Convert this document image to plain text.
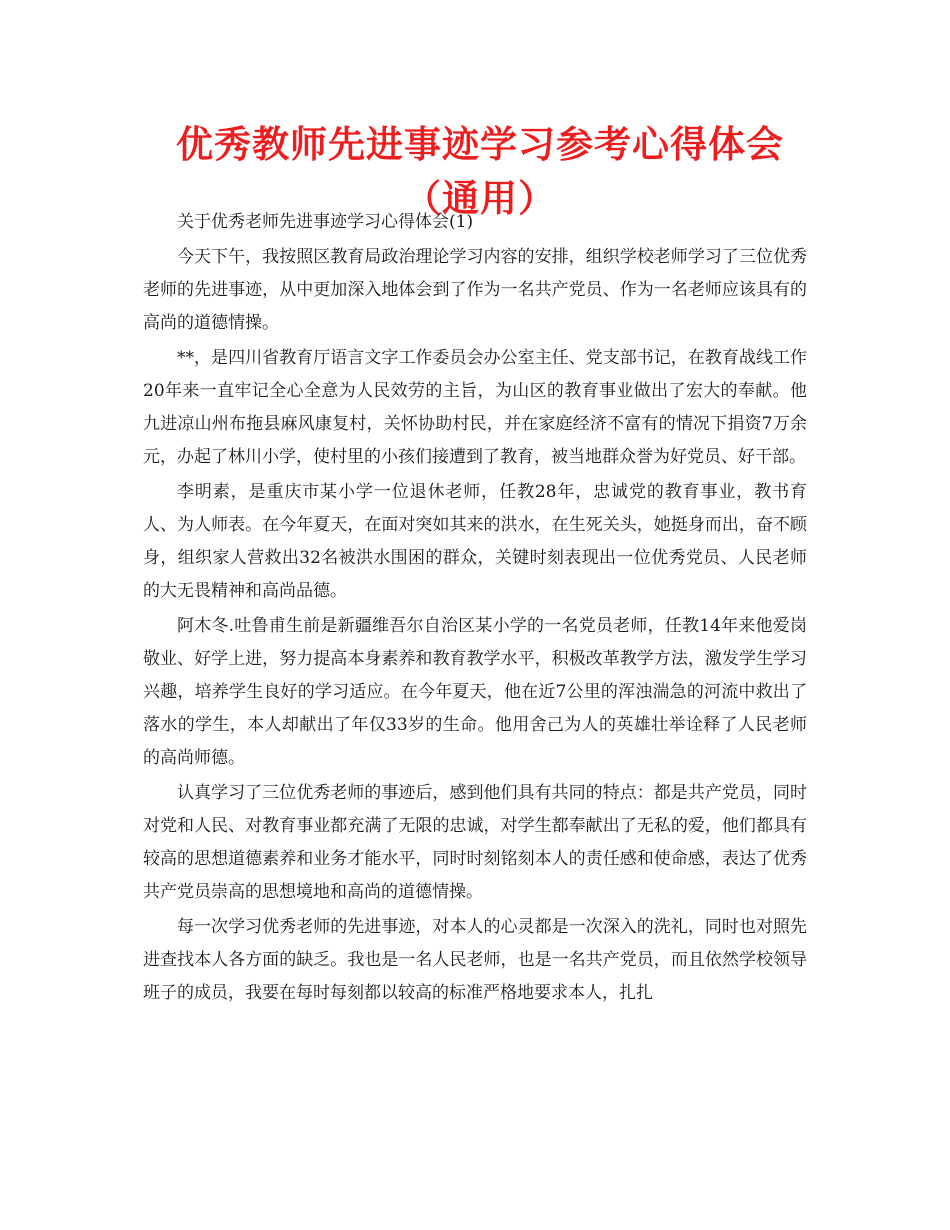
优秀教师先进事迹学习参考心得体会（通用）

关于优秀老师先进事迹学习心得体会(1)

今天下午，我按照区教育局政治理论学习内容的安排，组织学校老师学习了三位优秀老师的先进事迹，从中更加深入地体会到了作为一名共产党员、作为一名老师应该具有的高尚的道德情操。

**，是四川省教育厅语言文字工作委员会办公室主任、党支部书记，在教育战线工作20年来一直牢记全心全意为人民效劳的主旨，为山区的教育事业做出了宏大的奉献。他九进凉山州布拖县麻风康复村，关怀协助村民，并在家庭经济不富有的情况下捐资7万余元，办起了林川小学，使村里的小孩们接遭到了教育，被当地群众誉为好党员、好干部。

李明素，是重庆市某小学一位退休老师，任教28年，忠诚党的教育事业，教书育人、为人师表。在今年夏天，在面对突如其来的洪水，在生死关头，她挺身而出，奋不顾身，组织家人营救出32名被洪水围困的群众，关键时刻表现出一位优秀党员、人民老师的大无畏精神和高尚品德。

阿木冬.吐鲁甫生前是新疆维吾尔自治区某小学的一名党员老师，任教14年来他爱岗敬业、好学上进，努力提高本身素养和教育教学水平，积极改革教学方法，激发学生学习兴趣，培养学生良好的学习适应。在今年夏天，他在近7公里的浑浊湍急的河流中救出了落水的学生，本人却献出了年仅33岁的生命。他用舍己为人的英雄壮举诠释了人民老师的高尚师德。

认真学习了三位优秀老师的事迹后，感到他们具有共同的特点：都是共产党员，同时对党和人民、对教育事业都充满了无限的忠诚，对学生都奉献出了无私的爱，他们都具有较高的思想道德素养和业务才能水平，同时时刻铭刻本人的责任感和使命感，表达了优秀共产党员崇高的思想境地和高尚的道德情操。

每一次学习优秀老师的先进事迹，对本人的心灵都是一次深入的洗礼，同时也对照先进查找本人各方面的缺乏。我也是一名人民老师，也是一名共产党员，而且依然学校领导班子的成员，我要在每时每刻都以较高的标准严格地要求本人，扎扎
